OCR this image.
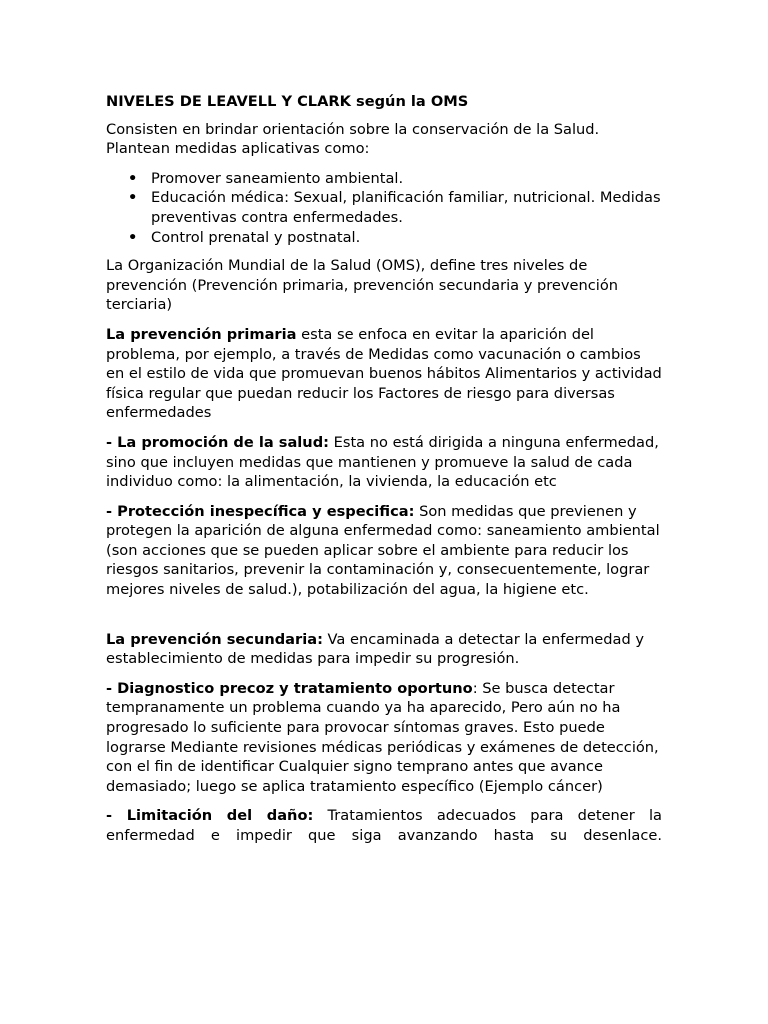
NIVELES DE LEAVELL Y CLARK según la OMS

Consisten en brindar orientación sobre la conservación de la Salud. Plantean medidas aplicativas como:

• Promover saneamiento ambiental.
• Educación médica: Sexual, planificación familiar, nutricional. Medidas preventivas contra enfermedades.
• Control prenatal y postnatal.

La Organización Mundial de la Salud (OMS), define tres niveles de prevención (Prevención primaria, prevención secundaria y prevención terciaria)

La prevención primaria esta se enfoca en evitar la aparición del problema, por ejemplo, a través de Medidas como vacunación o cambios en el estilo de vida que promuevan buenos hábitos Alimentarios y actividad física regular que puedan reducir los Factores de riesgo para diversas enfermedades

- La promoción de la salud: Esta no está dirigida a ninguna enfermedad, sino que incluyen medidas que mantienen y promueve la salud de cada individuo como: la alimentación, la vivienda, la educación etc

- Protección inespecífica y especifica: Son medidas que previenen y protegen la aparición de alguna enfermedad como: saneamiento ambiental (son acciones que se pueden aplicar sobre el ambiente para reducir los riesgos sanitarios, prevenir la contaminación y, consecuentemente, lograr mejores niveles de salud.), potabilización del agua, la higiene etc.

La prevención secundaria: Va encaminada a detectar la enfermedad y establecimiento de medidas para impedir su progresión.

- Diagnostico precoz y tratamiento oportuno: Se busca detectar tempranamente un problema cuando ya ha aparecido, Pero aún no ha progresado lo suficiente para provocar síntomas graves. Esto puede lograrse Mediante revisiones médicas periódicas y exámenes de detección, con el fin de identificar Cualquier signo temprano antes que avance demasiado; luego se aplica tratamiento específico (Ejemplo cáncer)

- Limitación del daño: Tratamientos adecuados para detener la
enfermedad e impedir que siga avanzando hasta su desenlace.
